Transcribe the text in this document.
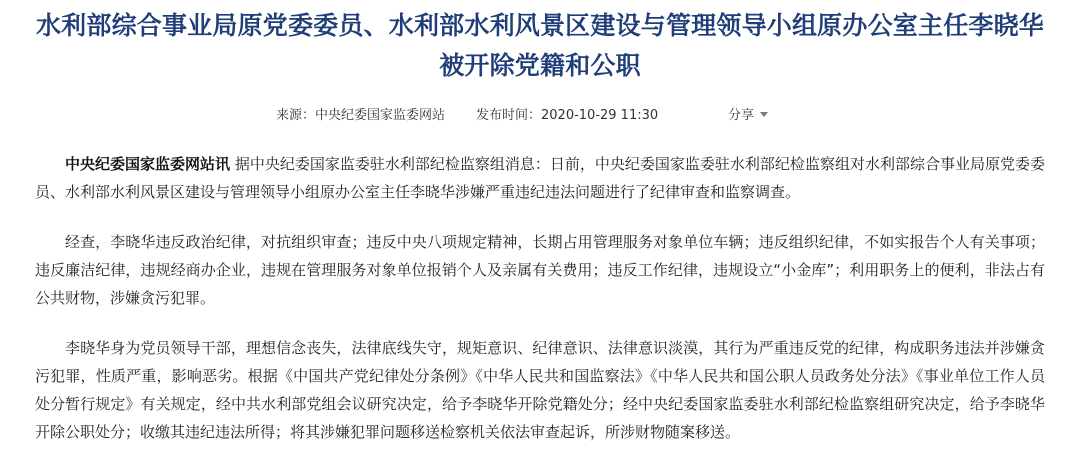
水利部综合事业局原党委委员、水利部水利风景区建设与管理领导小组原办公室主任李晓华被开除党籍和公职
来源：中央纪委国家监委网站 发布时间：2020-10-29 11:30	分享

中央纪委国家监委网站讯 据中央纪委国家监委驻水利部纪检监察组消息：日前，中央纪委国家监委驻水利部纪检监察组对水利部综合事业局原党委委员、水利部水利风景区建设与管理领导小组原办公室主任李晓华涉嫌严重违纪违法问题进行了纪律审查和监察调查。

经查，李晓华违反政治纪律，对抗组织审查；违反中央八项规定精神，长期占用管理服务对象单位车辆；违反组织纪律，不如实报告个人有关事项；违反廉洁纪律，违规经商办企业，违规在管理服务对象单位报销个人及亲属有关费用；违反工作纪律，违规设立“小金库”；利用职务上的便利，非法占有公共财物，涉嫌贪污犯罪。

李晓华身为党员领导干部，理想信念丧失，法律底线失守，规矩意识、纪律意识、法律意识淡漠，其行为严重违反党的纪律，构成职务违法并涉嫌贪污犯罪，性质严重，影响恶劣。根据《中国共产党纪律处分条例》《中华人民共和国监察法》《中华人民共和国公职人员政务处分法》《事业单位工作人员处分暂行规定》有关规定，经中共水利部党组会议研究决定，给予李晓华开除党籍处分；经中央纪委国家监委驻水利部纪检监察组研究决定，给予李晓华开除公职处分；收缴其违纪违法所得；将其涉嫌犯罪问题移送检察机关依法审查起诉，所涉财物随案移送。
